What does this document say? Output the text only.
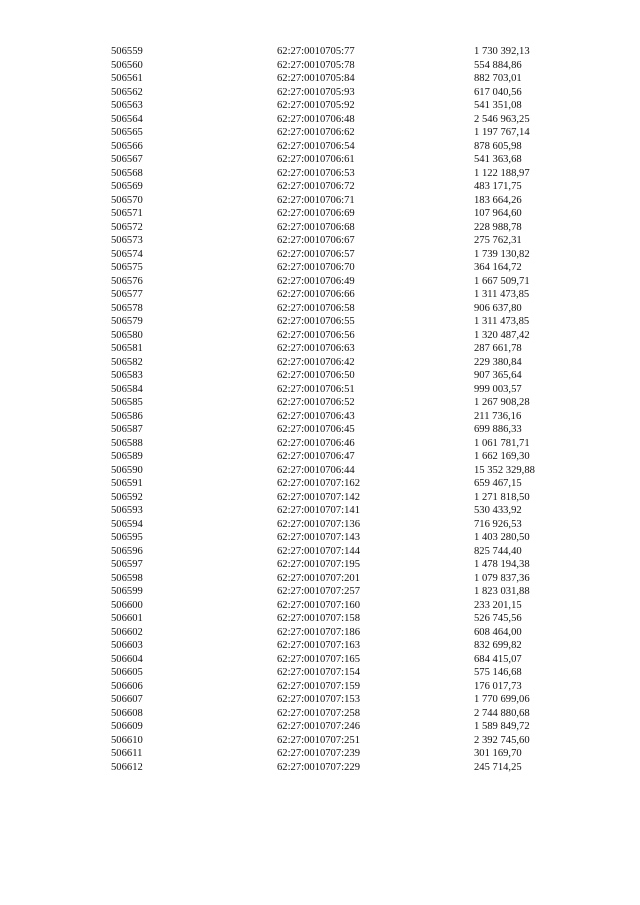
506559	62:27:0010705:77	1 730 392,13
506560	62:27:0010705:78	554 884,86
506561	62:27:0010705:84	882 703,01
506562	62:27:0010705:93	617 040,56
506563	62:27:0010705:92	541 351,08
506564	62:27:0010706:48	2 546 963,25
506565	62:27:0010706:62	1 197 767,14
506566	62:27:0010706:54	878 605,98
506567	62:27:0010706:61	541 363,68
506568	62:27:0010706:53	1 122 188,97
506569	62:27:0010706:72	483 171,75
506570	62:27:0010706:71	183 664,26
506571	62:27:0010706:69	107 964,60
506572	62:27:0010706:68	228 988,78
506573	62:27:0010706:67	275 762,31
506574	62:27:0010706:57	1 739 130,82
506575	62:27:0010706:70	364 164,72
506576	62:27:0010706:49	1 667 509,71
506577	62:27:0010706:66	1 311 473,85
506578	62:27:0010706:58	906 637,80
506579	62:27:0010706:55	1 311 473,85
506580	62:27:0010706:56	1 320 487,42
506581	62:27:0010706:63	287 661,78
506582	62:27:0010706:42	229 380,84
506583	62:27:0010706:50	907 365,64
506584	62:27:0010706:51	999 003,57
506585	62:27:0010706:52	1 267 908,28
506586	62:27:0010706:43	211 736,16
506587	62:27:0010706:45	699 886,33
506588	62:27:0010706:46	1 061 781,71
506589	62:27:0010706:47	1 662 169,30
506590	62:27:0010706:44	15 352 329,88
506591	62:27:0010707:162	659 467,15
506592	62:27:0010707:142	1 271 818,50
506593	62:27:0010707:141	530 433,92
506594	62:27:0010707:136	716 926,53
506595	62:27:0010707:143	1 403 280,50
506596	62:27:0010707:144	825 744,40
506597	62:27:0010707:195	1 478 194,38
506598	62:27:0010707:201	1 079 837,36
506599	62:27:0010707:257	1 823 031,88
506600	62:27:0010707:160	233 201,15
506601	62:27:0010707:158	526 745,56
506602	62:27:0010707:186	608 464,00
506603	62:27:0010707:163	832 699,82
506604	62:27:0010707:165	684 415,07
506605	62:27:0010707:154	575 146,68
506606	62:27:0010707:159	176 017,73
506607	62:27:0010707:153	1 770 699,06
506608	62:27:0010707:258	2 744 880,68
506609	62:27:0010707:246	1 589 849,72
506610	62:27:0010707:251	2 392 745,60
506611	62:27:0010707:239	301 169,70
506612	62:27:0010707:229	245 714,25
